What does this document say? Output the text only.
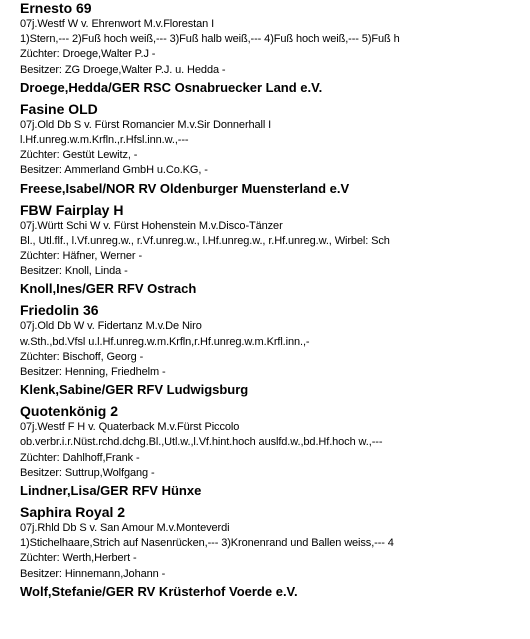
Ernesto 69
07j.Westf W v. Ehrenwort M.v.Florestan I
1)Stern,--- 2)Fuß hoch weiß,--- 3)Fuß halb weiß,--- 4)Fuß hoch weiß,--- 5)Fuß h
Züchter: Droege,Walter P.J -
Besitzer: ZG Droege,Walter P.J. u. Hedda -
Droege,Hedda/GER RSC Osnabruecker Land e.V.
Fasine OLD
07j.Old Db S v. Fürst Romancier M.v.Sir Donnerhall I
l.Hf.unreg.w.m.Krfln.,r.Hfsl.inn.w.,---
Züchter: Gestüt Lewitz, -
Besitzer: Ammerland GmbH u.Co.KG, -
Freese,Isabel/NOR RV Oldenburger Muensterland e.V
FBW Fairplay H
07j.Württ Schi W v. Fürst Hohenstein M.v.Disco-Tänzer
Bl., Utl.flf., l.Vf.unreg.w., r.Vf.unreg.w., l.Hf.unreg.w., r.Hf.unreg.w., Wirbel: Sch
Züchter: Häfner, Werner -
Besitzer: Knoll, Linda -
Knoll,Ines/GER RFV Ostrach
Friedolin 36
07j.Old Db W v. Fidertanz M.v.De Niro
w.Sth.,bd.Vfsl u.l.Hf.unreg.w.m.Krfln,r.Hf.unreg.w.m.Krfl.inn.,-
Züchter: Bischoff, Georg -
Besitzer: Henning, Friedhelm -
Klenk,Sabine/GER RFV Ludwigsburg
Quotenkönig 2
07j.Westf F H v. Quaterback M.v.Fürst Piccolo
ob.verbr.i.r.Nüst.rchd.dchg.Bl.,Utl.w.,l.Vf.hint.hoch auslfd.w.,bd.Hf.hoch w.,---
Züchter: Dahlhoff,Frank -
Besitzer: Suttrup,Wolfgang -
Lindner,Lisa/GER RFV Hünxe
Saphira Royal 2
07j.Rhld Db S v. San Amour M.v.Monteverdi
1)Stichelhaare,Strich auf Nasenrücken,--- 3)Kronenrand und Ballen weiss,--- 4
Züchter: Werth,Herbert -
Besitzer: Hinnemann,Johann -
Wolf,Stefanie/GER RV Krüsterhof Voerde e.V.
